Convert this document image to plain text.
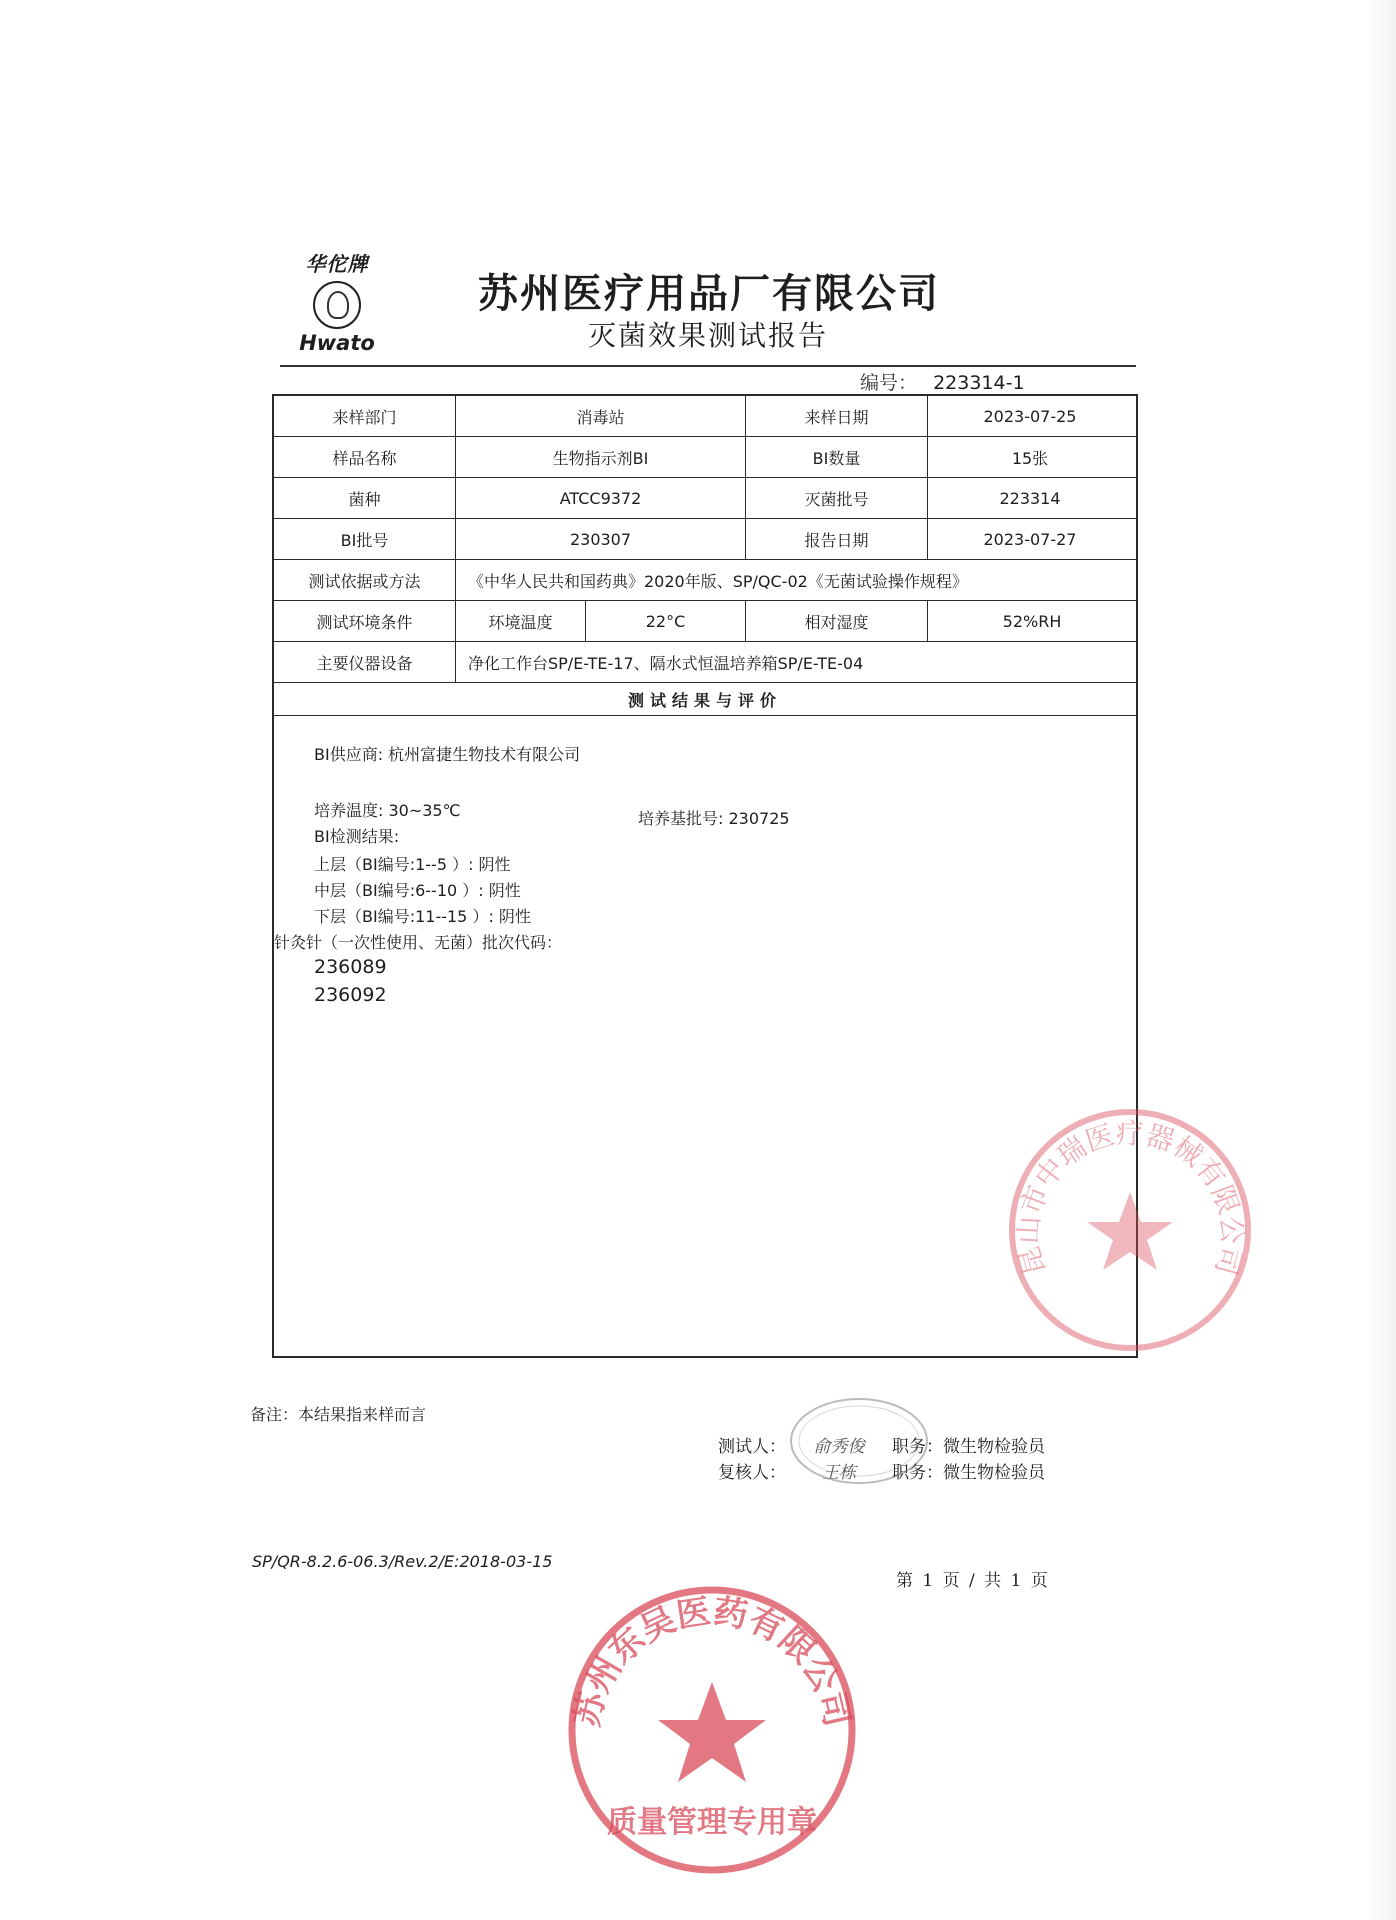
华佗牌
Hwato
苏州医疗用品厂有限公司
灭菌效果测试报告
编号： 223314-1
来样部门	消毒站	来样日期	2023-07-25
样品名称	生物指示剂BI	BI数量	15张
菌种	ATCC9372	灭菌批号	223314
BI批号	230307	报告日期	2023-07-27
测试依据或方法	《中华人民共和国药典》2020年版、SP/QC-02《无菌试验操作规程》
测试环境条件	环境温度	22°C	相对湿度	52%RH
主要仪器设备	净化工作台SP/E-TE-17、隔水式恒温培养箱SP/E-TE-04
测试结果与评价
BI供应商: 杭州富捷生物技术有限公司
培养温度: 30~35℃	培养基批号: 230725
BI检测结果:
上层（BI编号:1--5 ）: 阴性
中层（BI编号:6--10 ）: 阴性
下层（BI编号:11--15 ）: 阴性
针灸针（一次性使用、无菌）批次代码：
236089
236092
备注：本结果指来样而言
测试人：	俞秀俊	职务：微生物检验员
复核人：	王栋	职务：微生物检验员
SP/QR-8.2.6-06.3/Rev.2/E:2018-03-15
第 1 页 / 共 1 页
昆山市中瑞医疗器械有限公司
苏州东吴医药有限公司
质量管理专用章
